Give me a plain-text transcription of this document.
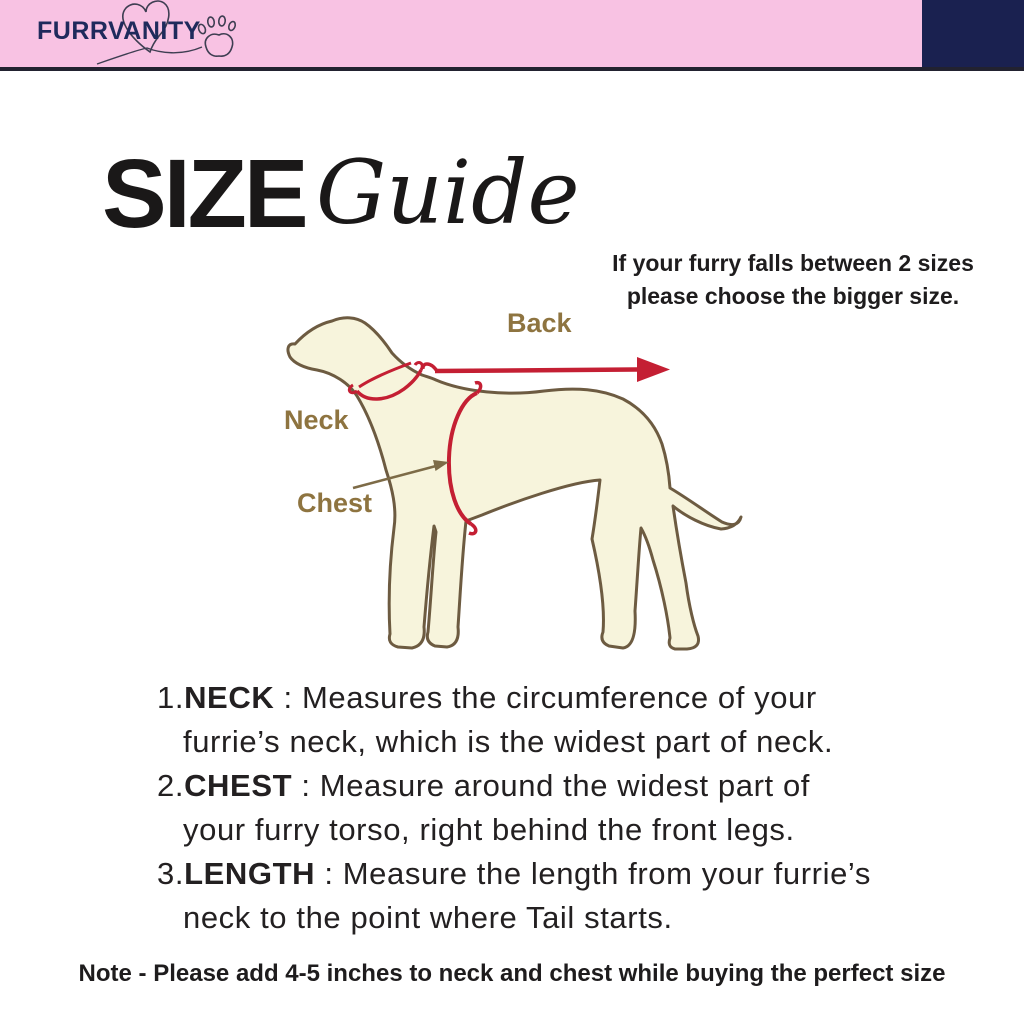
FURRVANITY
SIZE Guide
If your furry falls between 2 sizes
please choose the bigger size.
Back
Neck
Chest
1.NECK : Measures the circumference of your
furrie’s neck, which is the widest part of neck.
2.CHEST : Measure around the widest part of
your furry torso, right behind the front legs.
3.LENGTH : Measure the length from your furrie’s
neck to the point where Tail starts.
Note - Please add 4-5 inches to neck and chest while buying the perfect size
